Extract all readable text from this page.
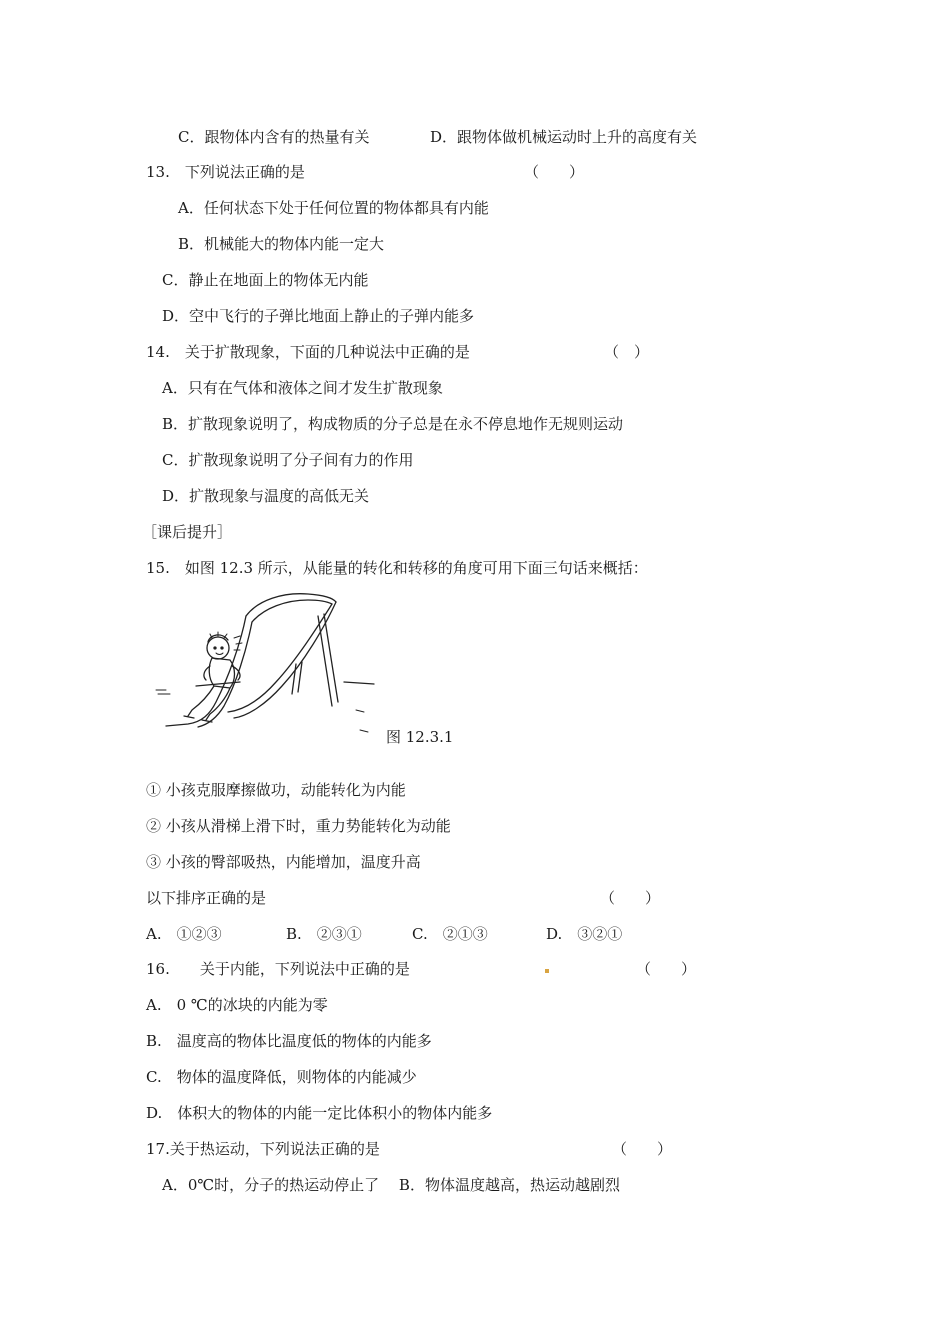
C．跟物体内含有的热量有关	D．跟物体做机械运动时上升的高度有关
13.　下列说法正确的是	（　　）
A．任何状态下处于任何位置的物体都具有内能
B．机械能大的物体内能一定大
C．静止在地面上的物体无内能
D．空中飞行的子弹比地面上静止的子弹内能多
14.　关于扩散现象，下面的几种说法中正确的是	（　）
A．只有在气体和液体之间才发生扩散现象
B．扩散现象说明了，构成物质的分子总是在永不停息地作无规则运动
C．扩散现象说明了分子间有力的作用
D．扩散现象与温度的高低无关
［课后提升］
15.　如图 12.3 所示，从能量的转化和转移的角度可用下面三句话来概括：
图 12.3.1
① 小孩克服摩擦做功，动能转化为内能
② 小孩从滑梯上滑下时，重力势能转化为动能
③ 小孩的臀部吸热，内能增加，温度升高
以下排序正确的是	（　　）
A.　①②③	B.　②③①	C.　②①③	D.　③②①
16.　　关于内能，下列说法中正确的是	（　　）
A.　0 ℃的冰块的内能为零
B.　温度高的物体比温度低的物体的内能多
C.　物体的温度降低，则物体的内能减少
D.　体积大的物体的内能一定比体积小的物体内能多
17.关于热运动，下列说法正确的是	（　　）
A．0℃时，分子的热运动停止了　 B．物体温度越高，热运动越剧烈
